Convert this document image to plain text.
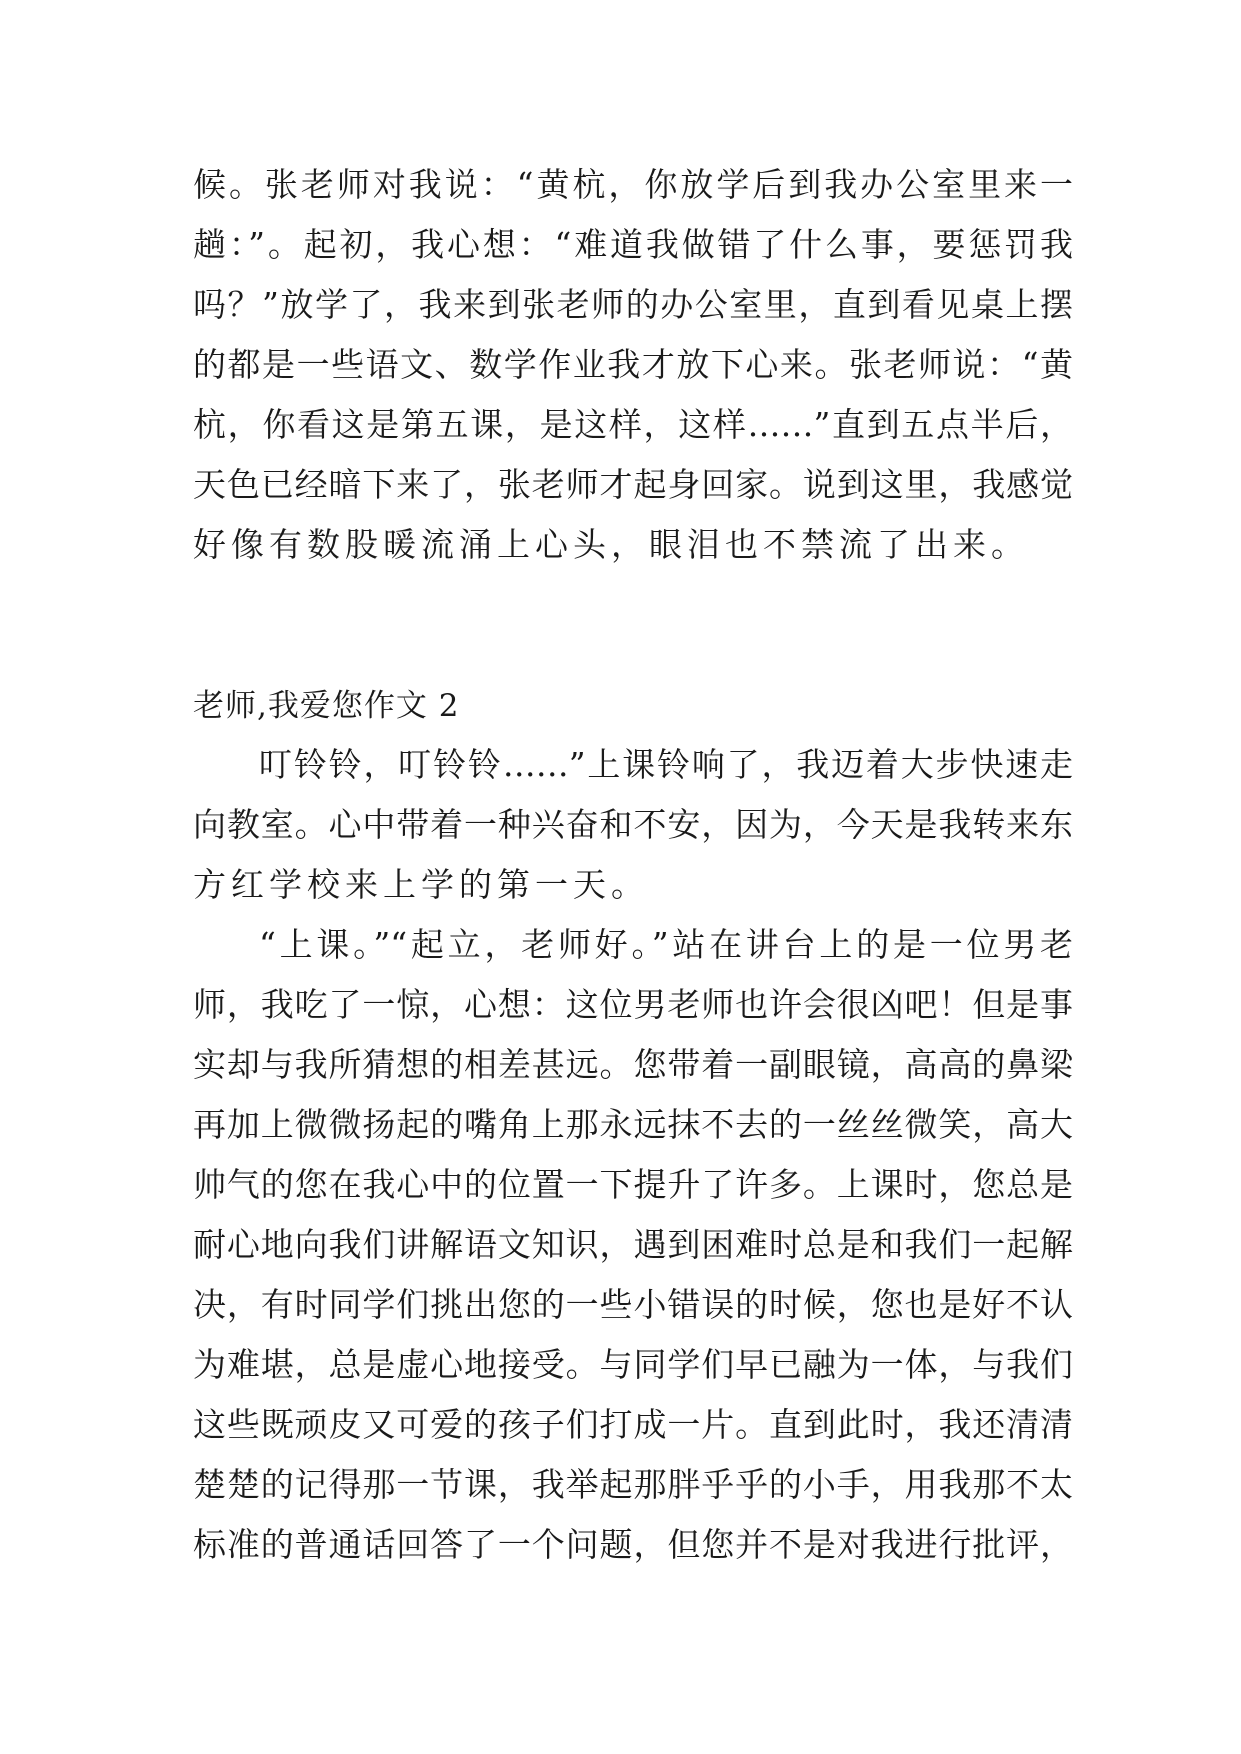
候。张老师对我说：“黄杭，你放学后到我办公室里来一
趟：”。起初，我心想：“难道我做错了什么事，要惩罚我
吗？”放学了，我来到张老师的办公室里，直到看见桌上摆
的都是一些语文、数学作业我才放下心来。张老师说：“黄
杭，你看这是第五课，是这样，这样……”直到五点半后，
天色已经暗下来了，张老师才起身回家。说到这里，我感觉
好像有数股暖流涌上心头，眼泪也不禁流了出来。
老师,我爱您作文 2
叮铃铃，叮铃铃……”上课铃响了，我迈着大步快速走
向教室。心中带着一种兴奋和不安，因为，今天是我转来东
方红学校来上学的第一天。
“上课。”“起立，老师好。”站在讲台上的是一位男老
师，我吃了一惊，心想：这位男老师也许会很凶吧！但是事
实却与我所猜想的相差甚远。您带着一副眼镜，高高的鼻梁
再加上微微扬起的嘴角上那永远抹不去的一丝丝微笑，高大
帅气的您在我心中的位置一下提升了许多。上课时，您总是
耐心地向我们讲解语文知识，遇到困难时总是和我们一起解
决，有时同学们挑出您的一些小错误的时候，您也是好不认
为难堪，总是虚心地接受。与同学们早已融为一体，与我们
这些既顽皮又可爱的孩子们打成一片。直到此时，我还清清
楚楚的记得那一节课，我举起那胖乎乎的小手，用我那不太
标准的普通话回答了一个问题，但您并不是对我进行批评，
